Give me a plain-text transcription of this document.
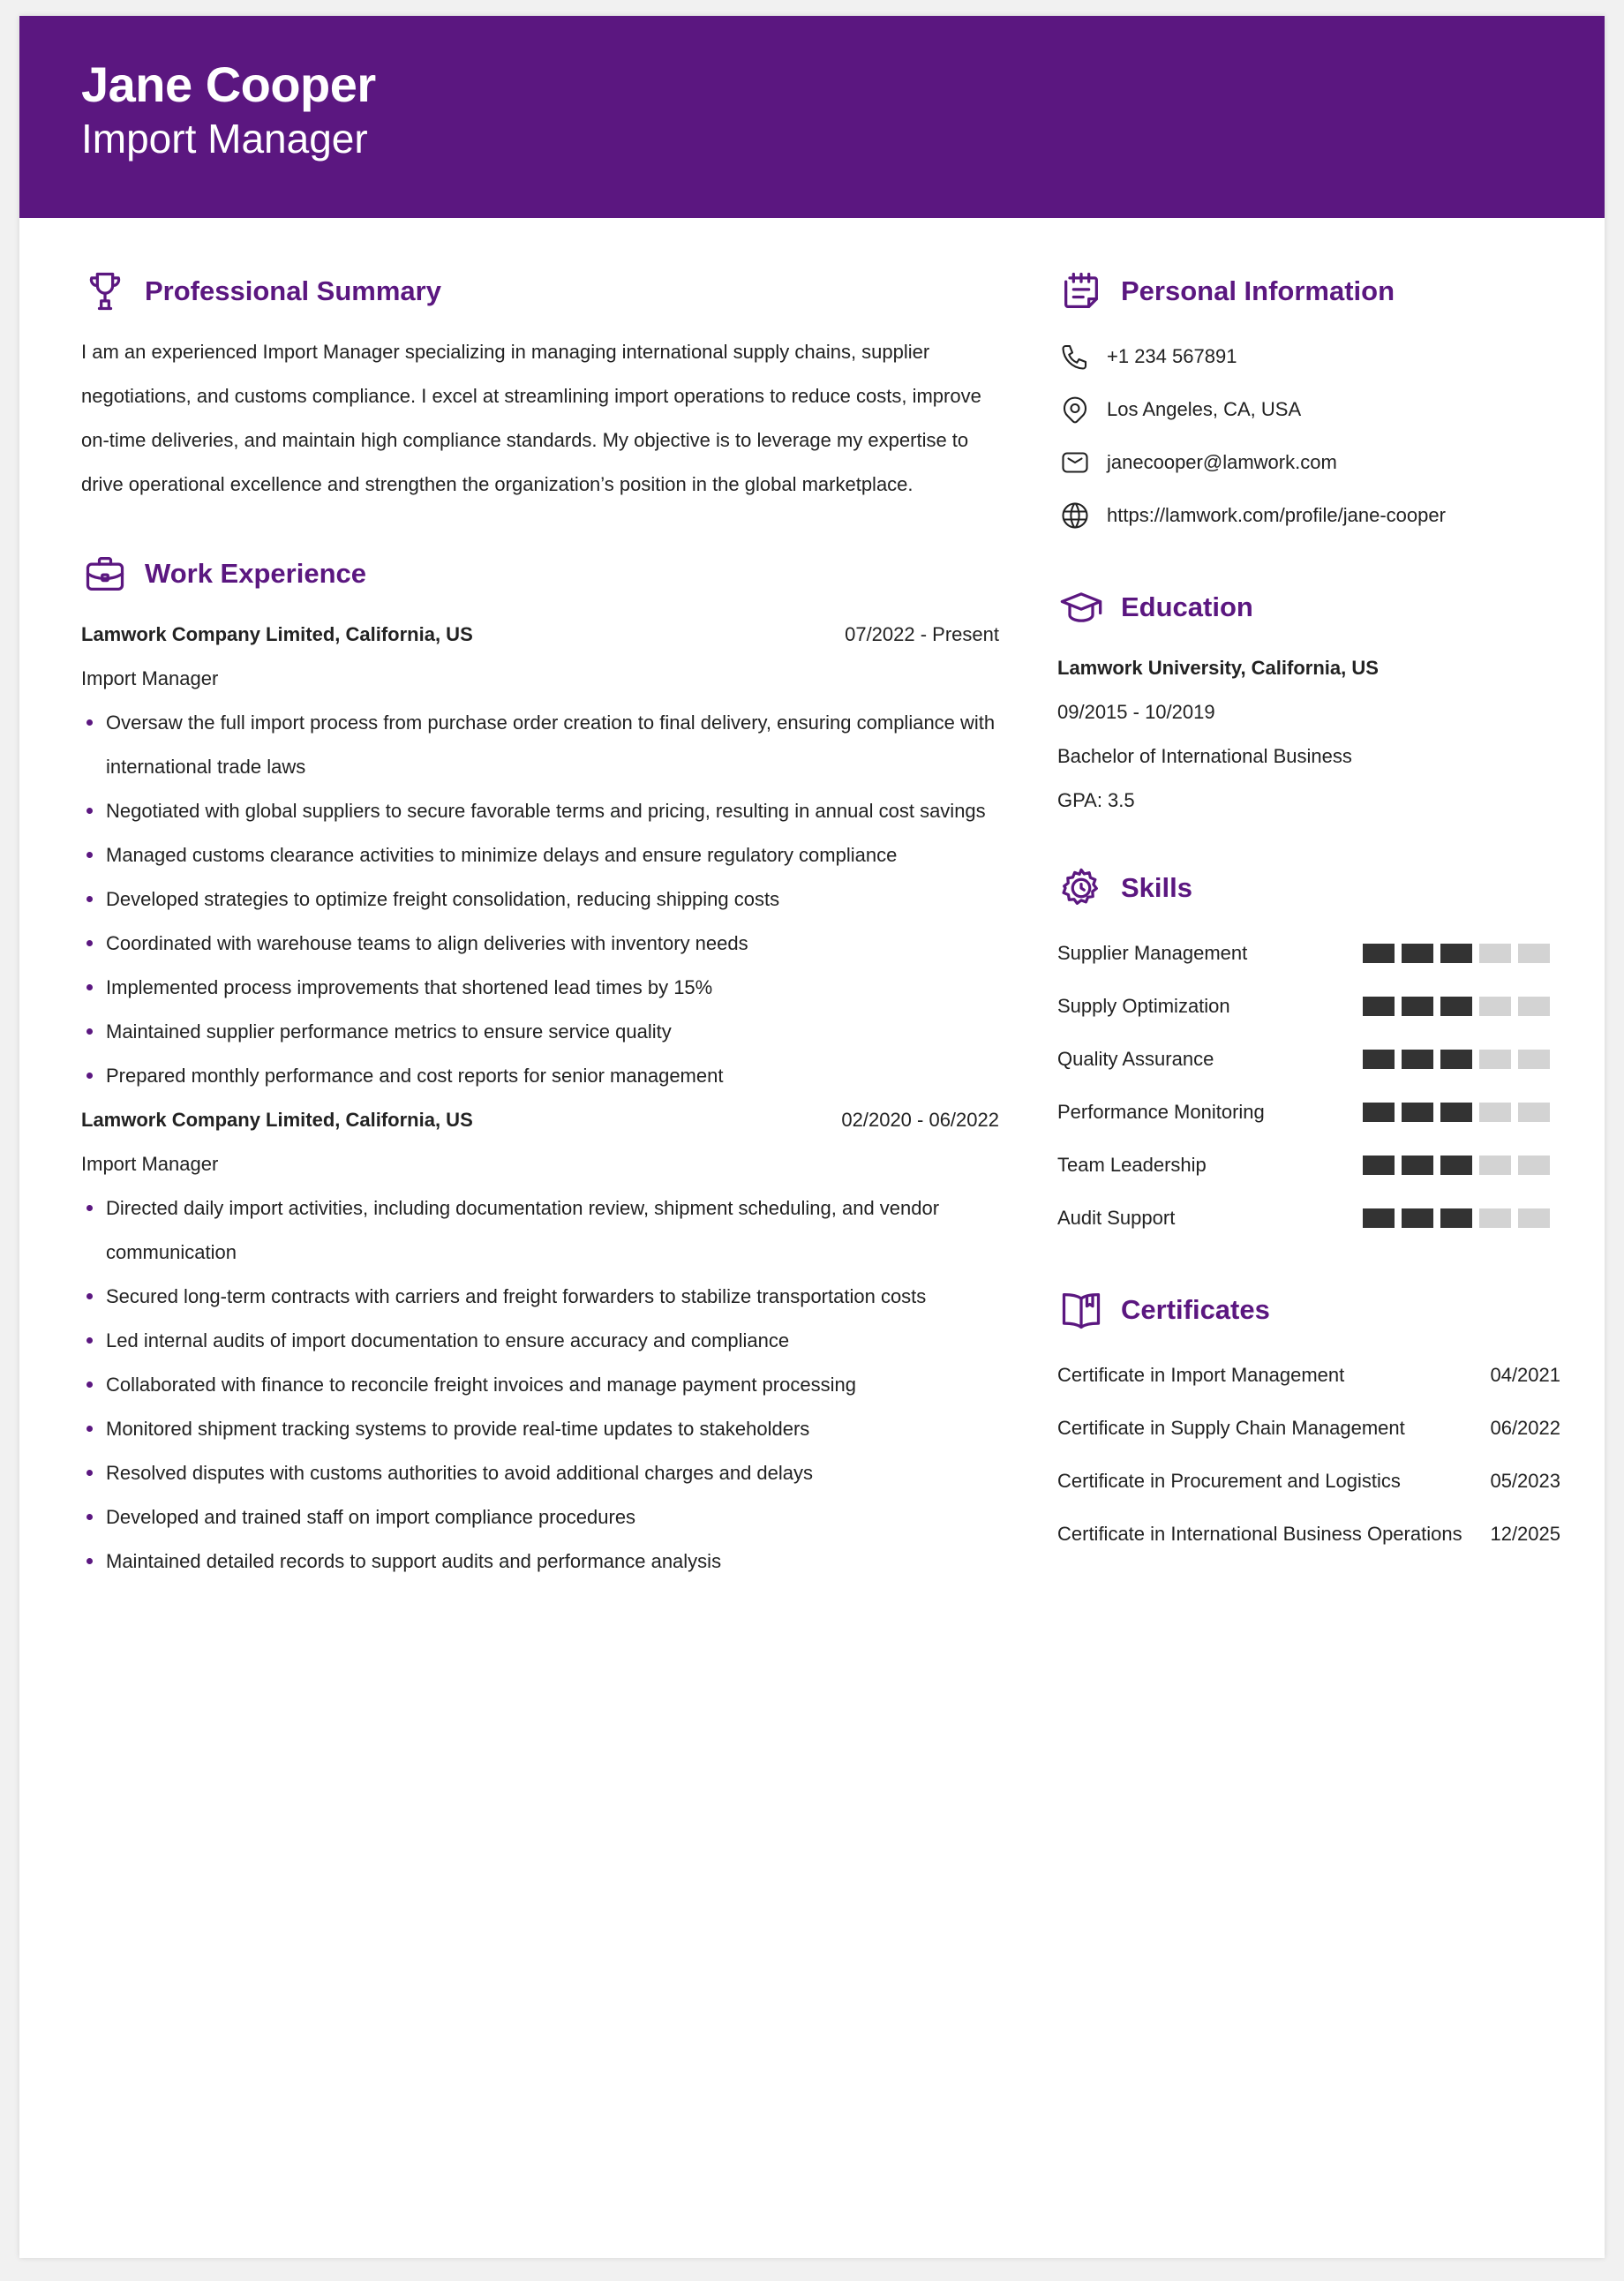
Jane Cooper
Import Manager
Professional Summary

I am an experienced Import Manager specializing in managing international supply chains, supplier negotiations, and customs compliance. I excel at streamlining import operations to reduce costs, improve on-time deliveries, and maintain high compliance standards. My objective is to leverage my expertise to drive operational excellence and strengthen the organization’s position in the global marketplace.

Work Experience
Lamwork Company Limited, California, US	07/2022 - Present
Import Manager
Oversaw the full import process from purchase order creation to final delivery, ensuring compliance with international trade laws
Negotiated with global suppliers to secure favorable terms and pricing, resulting in annual cost savings
Managed customs clearance activities to minimize delays and ensure regulatory compliance
Developed strategies to optimize freight consolidation, reducing shipping costs
Coordinated with warehouse teams to align deliveries with inventory needs
Implemented process improvements that shortened lead times by 15%
Maintained supplier performance metrics to ensure service quality
Prepared monthly performance and cost reports for senior management
Lamwork Company Limited, California, US	02/2020 - 06/2022
Import Manager
Directed daily import activities, including documentation review, shipment scheduling, and vendor communication
Secured long-term contracts with carriers and freight forwarders to stabilize transportation costs
Led internal audits of import documentation to ensure accuracy and compliance
Collaborated with finance to reconcile freight invoices and manage payment processing
Monitored shipment tracking systems to provide real-time updates to stakeholders
Resolved disputes with customs authorities to avoid additional charges and delays
Developed and trained staff on import compliance procedures
Maintained detailed records to support audits and performance analysis
Personal Information
+1 234 567891
Los Angeles, CA, USA
janecooper@lamwork.com
https://lamwork.com/profile/jane-cooper
Education
Lamwork University, California, US
09/2015 - 10/2019
Bachelor of International Business
GPA: 3.5
Skills
Supplier Management
Supply Optimization
Quality Assurance
Performance Monitoring
Team Leadership
Audit Support
Certificates
Certificate in Import Management	04/2021
Certificate in Supply Chain Management	06/2022
Certificate in Procurement and Logistics	05/2023
Certificate in International Business Operations 12/2025
